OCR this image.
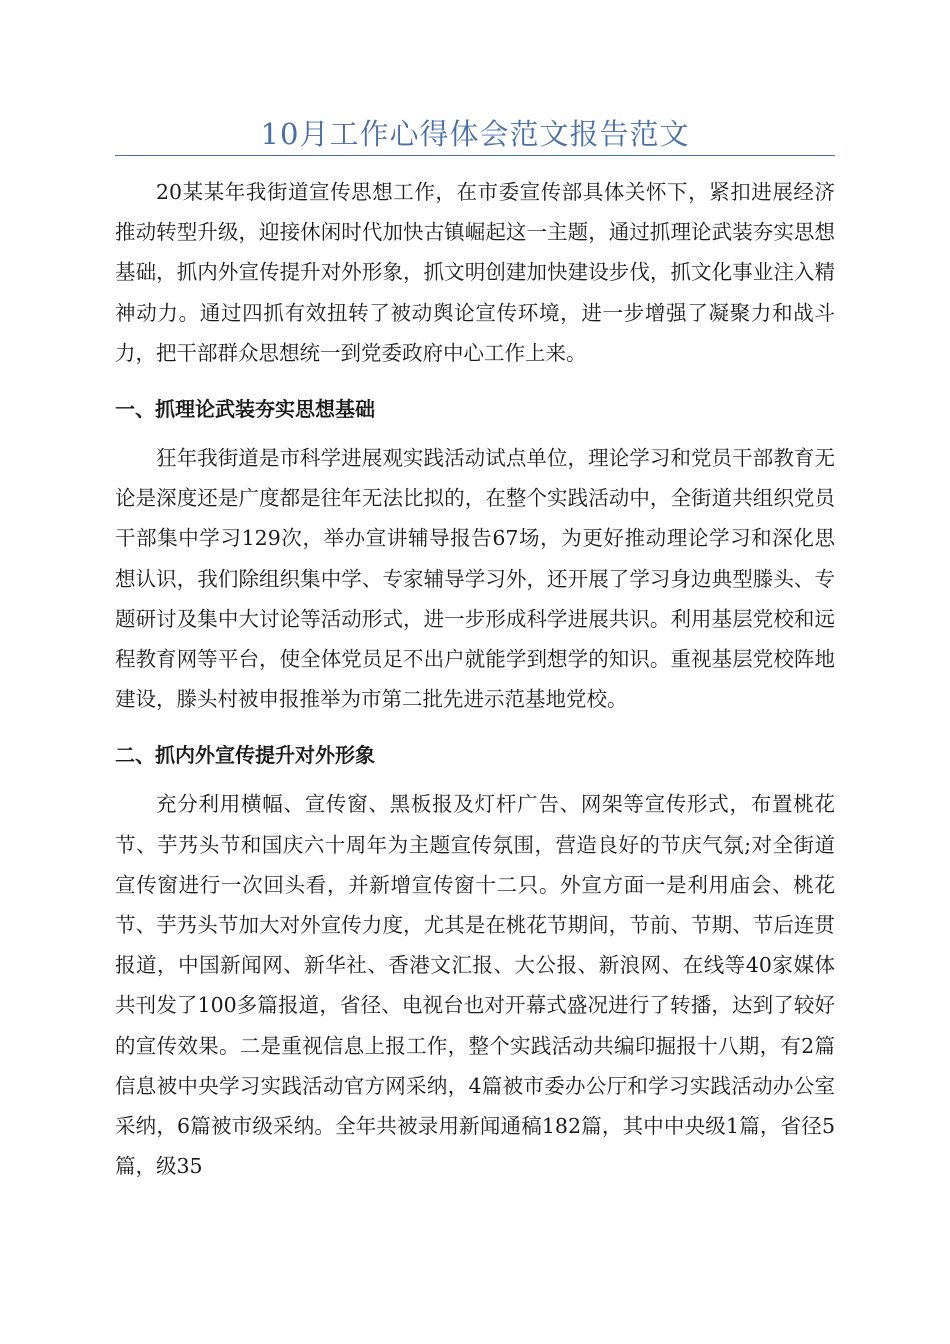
10月工作心得体会范文报告范文

20某某年我街道宣传思想工作，在市委宣传部具体关怀下，紧扣进展经济推动转型升级，迎接休闲时代加快古镇崛起这一主题，通过抓理论武装夯实思想基础，抓内外宣传提升对外形象，抓文明创建加快建设步伐，抓文化事业注入精神动力。通过四抓有效扭转了被动舆论宣传环境，进一步增强了凝聚力和战斗力，把干部群众思想统一到党委政府中心工作上来。

一、抓理论武装夯实思想基础

狂年我街道是市科学进展观实践活动试点单位，理论学习和党员干部教育无论是深度还是广度都是往年无法比拟的，在整个实践活动中，全街道共组织党员干部集中学习129次，举办宣讲辅导报告67场，为更好推动理论学习和深化思想认识，我们除组织集中学、专家辅导学习外，还开展了学习身边典型滕头、专题研讨及集中大讨论等活动形式，进一步形成科学进展共识。利用基层党校和远程教育网等平台，使全体党员足不出户就能学到想学的知识。重视基层党校阵地建设，滕头村被申报推举为市第二批先进示范基地党校。

二、抓内外宣传提升对外形象

充分利用横幅、宣传窗、黑板报及灯杆广告、网架等宣传形式，布置桃花节、芋艿头节和国庆六十周年为主题宣传氛围，营造良好的节庆气氛;对全街道宣传窗进行一次回头看，并新增宣传窗十二只。外宣方面一是利用庙会、桃花节、芋艿头节加大对外宣传力度，尤其是在桃花节期间，节前、节期、节后连贯报道，中国新闻网、新华社、香港文汇报、大公报、新浪网、在线等40家媒体共刊发了100多篇报道，省径、电视台也对开幕式盛况进行了转播，达到了较好的宣传效果。二是重视信息上报工作，整个实践活动共编印掘报十八期，有2篇信息被中央学习实践活动官方网采纳，4篇被市委办公厅和学习实践活动办公室采纳，6篇被市级采纳。全年共被录用新闻通稿182篇，其中中央级1篇，省径5篇，级35
